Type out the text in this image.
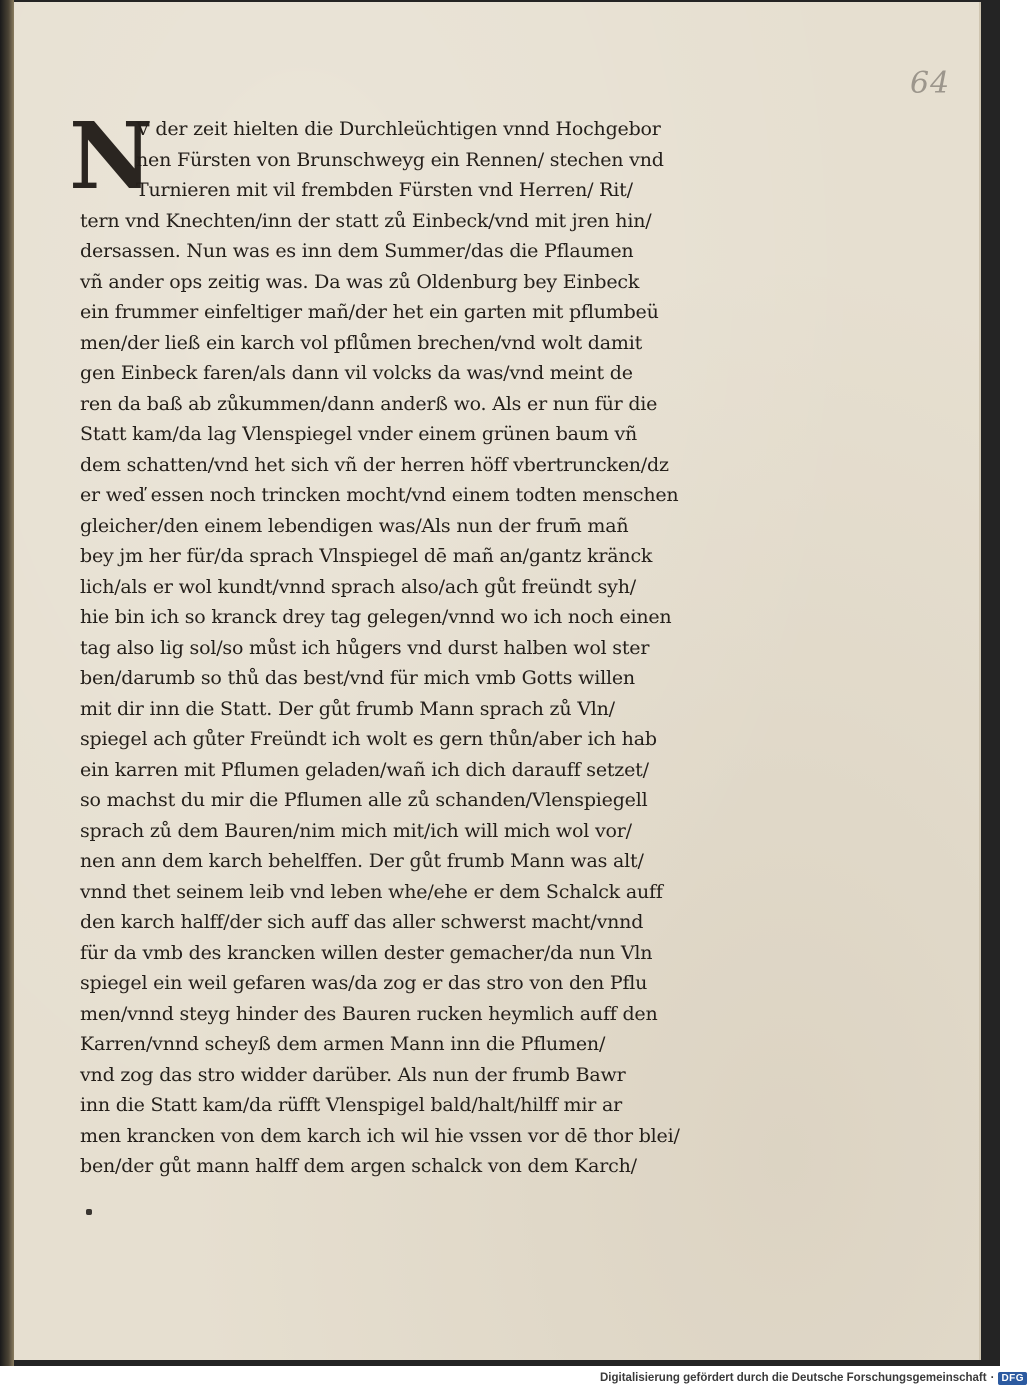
64
N
V der zeit hielten die Durchleüchtigen vnnd Hochgebor
nen Fürsten von Brunschweyg ein Rennen/ stechen vnd
Turnieren mit vil frembden Fürsten vnd Herren/ Rit/
tern vnd Knechten/inn der statt zů Einbeck/vnd mit jren hin/
dersassen. Nun was es inn dem Summer/das die Pflaumen
vñ ander ops zeitig was. Da was zů Oldenburg bey Einbeck
ein frummer einfeltiger mañ/der het ein garten mit pflumbeü
men/der ließ ein karch vol pflůmen brechen/vnd wolt damit
gen Einbeck faren/als dann vil volcks da was/vnd meint de
ren da baß ab zůkummen/dann anderß wo. Als er nun für die
Statt kam/da lag Vlenspiegel vnder einem grünen baum vñ
dem schatten/vnd het sich vñ der herren höff vbertruncken/dz
er weď essen noch trincken mocht/vnd einem todten menschen
gleicher/den einem lebendigen was/Als nun der frum̄ mañ
bey jm her für/da sprach Vlnspiegel dē mañ an/gantz kränck
lich/als er wol kundt/vnnd sprach also/ach gůt freündt syh/
hie bin ich so kranck drey tag gelegen/vnnd wo ich noch einen
tag also lig sol/so můst ich hůgers vnd durst halben wol ster
ben/darumb so thů das best/vnd für mich vmb Gotts willen
mit dir inn die Statt. Der gůt frumb Mann sprach zů Vln/
spiegel ach gůter Freündt ich wolt es gern thůn/aber ich hab
ein karren mit Pflumen geladen/wañ ich dich darauff setzet/
so machst du mir die Pflumen alle zů schanden/Vlenspiegell
sprach zů dem Bauren/nim mich mit/ich will mich wol vor/
nen ann dem karch behelffen. Der gůt frumb Mann was alt/
vnnd thet seinem leib vnd leben whe/ehe er dem Schalck auff
den karch halff/der sich auff das aller schwerst macht/vnnd
für da vmb des krancken willen dester gemacher/da nun Vln
spiegel ein weil gefaren was/da zog er das stro von den Pflu
men/vnnd steyg hinder des Bauren rucken heymlich auff den
Karren/vnnd scheyß dem armen Mann inn die Pflumen/
vnd zog das stro widder darüber. Als nun der frumb Bawr
inn die Statt kam/da rüfft Vlenspigel bald/halt/hilff mir ar
men krancken von dem karch ich wil hie vssen vor dē thor blei/
ben/der gůt mann halff dem argen schalck von dem Karch/
Digitalisierung gefördert durch die Deutsche Forschungsgemeinschaft · DFG
